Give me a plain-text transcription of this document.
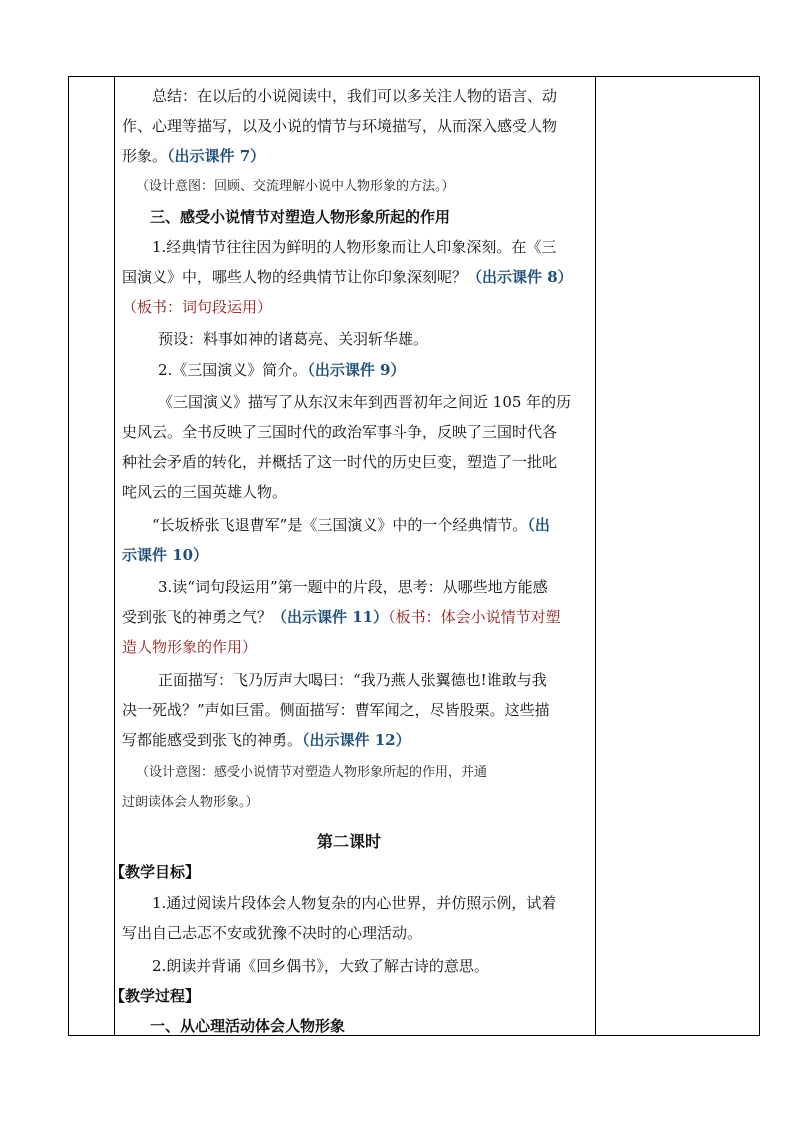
总结：在以后的小说阅读中，我们可以多关注人物的语言、动
作、心理等描写，以及小说的情节与环境描写，从而深入感受人物
形象。（出示课件 7）
（设计意图：回顾、交流理解小说中人物形象的方法。）
三、感受小说情节对塑造人物形象所起的作用
1.经典情节往往因为鲜明的人物形象而让人印象深刻。在《三
国演义》中，哪些人物的经典情节让你印象深刻呢？（出示课件 8）
（板书：词句段运用）
预设：料事如神的诸葛亮、关羽斩华雄。
2.《三国演义》简介。（出示课件 9）
《三国演义》描写了从东汉末年到西晋初年之间近 105 年的历
史风云。全书反映了三国时代的政治军事斗争，反映了三国时代各
种社会矛盾的转化，并概括了这一时代的历史巨变，塑造了一批叱
咤风云的三国英雄人物。
“长坂桥张飞退曹军”是《三国演义》中的一个经典情节。（出
示课件 10）
3.读“词句段运用”第一题中的片段，思考：从哪些地方能感
受到张飞的神勇之气？（出示课件 11）（板书：体会小说情节对塑
造人物形象的作用）
正面描写：飞乃厉声大喝曰：“我乃燕人张翼德也!谁敢与我
决一死战？”声如巨雷。侧面描写：曹军闻之，尽皆股栗。这些描
写都能感受到张飞的神勇。（出示课件 12）
（设计意图：感受小说情节对塑造人物形象所起的作用，并通
过朗读体会人物形象。）
第二课时
【教学目标】
1.通过阅读片段体会人物复杂的内心世界，并仿照示例，试着
写出自己忐忑不安或犹豫不决时的心理活动。
2.朗读并背诵《回乡偶书》，大致了解古诗的意思。
【教学过程】
一、从心理活动体会人物形象
